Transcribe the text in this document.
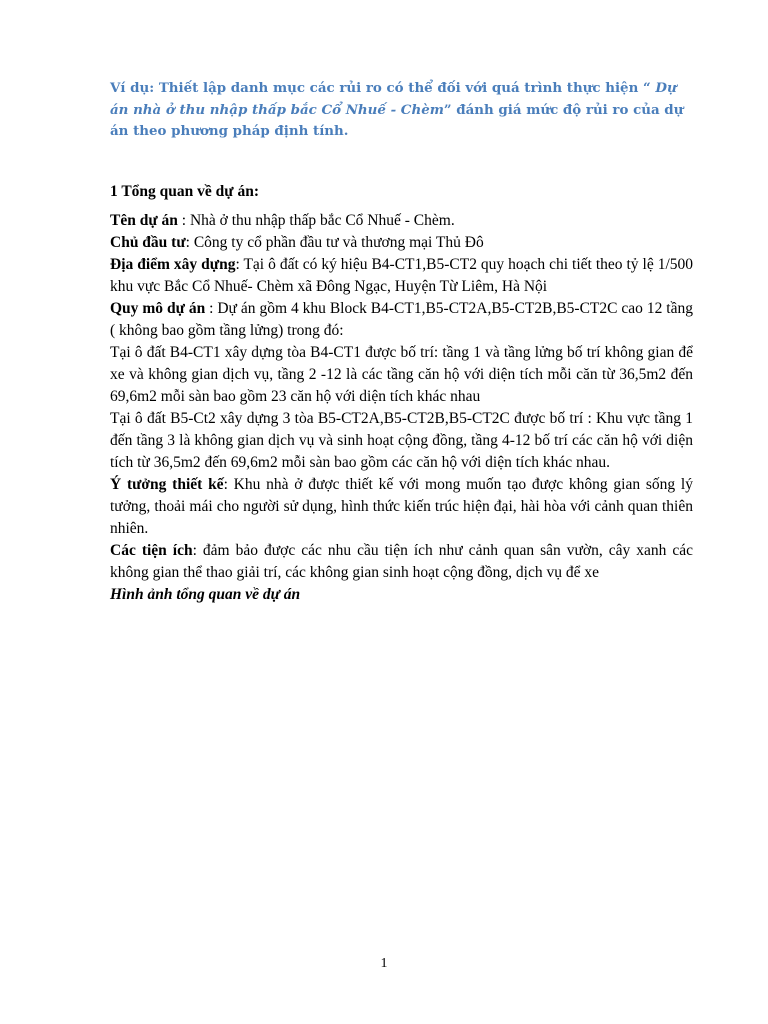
Ví dụ: Thiết lập danh mục các rủi ro có thể đối với quá trình thực hiện “ Dự án nhà ở thu nhập thấp bắc Cổ Nhuế - Chèm” đánh giá mức độ rủi ro của dự án theo phương pháp định tính.

1 Tổng quan về dự án:

Tên dự án : Nhà ở thu nhập thấp bắc Cổ Nhuế - Chèm.

Chủ đầu tư: Công ty cổ phần đầu tư và thương mại Thủ Đô

Địa điểm xây dựng: Tại ô đất có ký hiệu B4-CT1,B5-CT2 quy hoạch chi tiết theo tỷ lệ 1/500 khu vực Bắc Cổ Nhuế- Chèm xã Đông Ngạc, Huyện Từ Liêm, Hà Nội

Quy mô dự án : Dự án gồm 4 khu Block B4-CT1,B5-CT2A,B5-CT2B,B5-CT2C cao 12 tầng ( không bao gồm tầng lửng) trong đó:

Tại ô đất B4-CT1 xây dựng tòa B4-CT1 được bố trí: tầng 1 và tầng lửng bố trí không gian để xe và không gian dịch vụ, tầng 2 -12 là các tầng căn hộ với diện tích mỗi căn từ 36,5m2 đến 69,6m2 mỗi sàn bao gồm 23 căn hộ với diện tích khác nhau

Tại ô đất B5-Ct2 xây dựng 3 tòa B5-CT2A,B5-CT2B,B5-CT2C được bố trí : Khu vực tầng 1 đến tầng 3 là không gian dịch vụ và sinh hoạt cộng đồng, tầng 4-12 bố trí các căn hộ với diện tích từ 36,5m2 đến 69,6m2 mỗi sàn bao gồm các căn hộ với diện tích khác nhau.

Ý tưởng thiết kế: Khu nhà ở được thiết kế với mong muốn tạo được không gian sống lý tưởng, thoải mái cho người sử dụng, hình thức kiến trúc hiện đại, hài hòa với cảnh quan thiên nhiên.

Các tiện ích: đảm bảo được các nhu cầu tiện ích như cảnh quan sân vườn, cây xanh các không gian thể thao giải trí, các không gian sinh hoạt cộng đồng, dịch vụ để xe

Hình ảnh tổng quan về dự án

1
